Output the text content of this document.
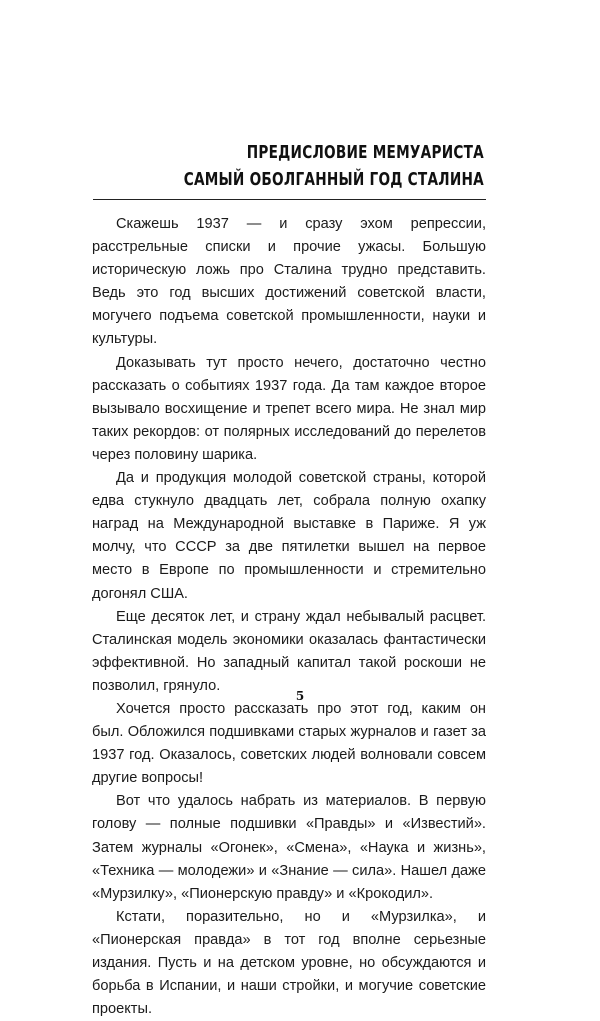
ПРЕДИСЛОВИЕ МЕМУАРИСТА
САМЫЙ ОБОЛГАННЫЙ ГОД СТАЛИНА

Скажешь 1937 — и сразу эхом репрессии, расстрельные списки и прочие ужасы. Большую историческую ложь про Сталина трудно представить. Ведь это год высших достижений советской власти, могучего подъема советской промышленности, науки и культуры.

Доказывать тут просто нечего, достаточно честно рассказать о событиях 1937 года. Да там каждое второе вызывало восхищение и трепет всего мира. Не знал мир таких рекордов: от полярных исследований до перелетов через половину шарика.

Да и продукция молодой советской страны, которой едва стукнуло двадцать лет, собрала полную охапку наград на Международной выставке в Париже. Я уж молчу, что СССР за две пятилетки вышел на первое место в Европе по промышленности и стремительно догонял США.

Еще десяток лет, и страну ждал небывалый расцвет. Сталинская модель экономики оказалась фантастически эффективной. Но западный капитал такой роскоши не позволил, грянуло.

Хочется просто рассказать про этот год, каким он был. Обложился подшивками старых журналов и газет за 1937 год. Оказалось, советских людей волновали совсем другие вопросы!

Вот что удалось набрать из материалов. В первую голову — полные подшивки «Правды» и «Известий». Затем журналы «Огонек», «Смена», «Наука и жизнь», «Техника — молодежи» и «Знание — сила». Нашел даже «Мурзилку», «Пионерскую правду» и «Крокодил».

Кстати, поразительно, но и «Мурзилка», и «Пионерская правда» в тот год вполне серьезные издания. Пусть и на детском уровне, но обсуждаются и борьба в Испании, и наши стройки, и могучие советские проекты.

5
